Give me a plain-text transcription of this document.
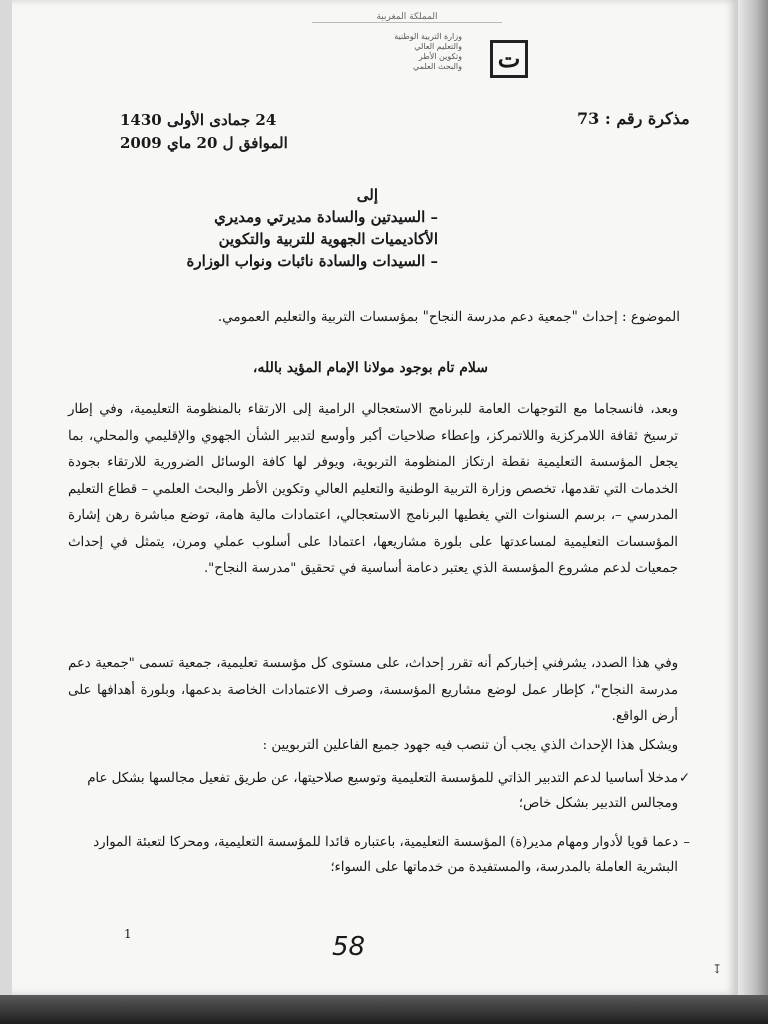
المملكة المغربية
وزارة التربية الوطنية
والتعليم العالي
وتكوين الأطر
والبحث العلمي	ت
مذكرة رقم : 73
24 جمادى الأولى 1430
الموافق ل 20 ماي 2009
إلى
– السيدتين والسادة مديرتي ومديري
الأكاديميات الجهوية للتربية والتكوين
– السيدات والسادة نائبات ونواب الوزارة
الموضوع : إحداث "جمعية دعم مدرسة النجاح" بمؤسسات التربية والتعليم العمومي.
سلام تام بوجود مولانا الإمام المؤيد بالله،
وبعد، فانسجاما مع التوجهات العامة للبرنامج الاستعجالي الرامية إلى الارتقاء بالمنظومة التعليمية، وفي إطار ترسيخ ثقافة اللامركزية واللاتمركز، وإعطاء صلاحيات أكبر وأوسع لتدبير الشأن الجهوي والإقليمي والمحلي، بما يجعل المؤسسة التعليمية نقطة ارتكاز المنظومة التربوية، ويوفر لها كافة الوسائل الضرورية للارتقاء بجودة الخدمات التي تقدمها، تخصص وزارة التربية الوطنية والتعليم العالي وتكوين الأطر والبحث العلمي – قطاع التعليم المدرسي –، برسم السنوات التي يغطيها البرنامج الاستعجالي، اعتمادات مالية هامة، توضع مباشرة رهن إشارة المؤسسات التعليمية لمساعدتها على بلورة مشاريعها، اعتمادا على أسلوب عملي ومرن، يتمثل في إحداث جمعيات لدعم مشروع المؤسسة الذي يعتبر دعامة أساسية في تحقيق "مدرسة النجاح".
وفي هذا الصدد، يشرفني إخباركم أنه تقرر إحداث، على مستوى كل مؤسسة تعليمية، جمعية تسمى "جمعية دعم مدرسة النجاح"، كإطار عمل لوضع مشاريع المؤسسة، وصرف الاعتمادات الخاصة بدعمها، وبلورة أهدافها على أرض الواقع.
ويشكل هذا الإحداث الذي يجب أن تنصب فيه جهود جميع الفاعلين التربويين :
✓
مدخلا أساسيا لدعم التدبير الذاتي للمؤسسة التعليمية وتوسيع صلاحيتها، عن طريق تفعيل مجالسها بشكل عام ومجالس التدبير بشكل خاص؛
–
دعما قويا لأدوار ومهام مدير(ة) المؤسسة التعليمية، باعتباره قائدا للمؤسسة التعليمية، ومحركا لتعبئة الموارد البشرية العاملة بالمدرسة، والمستفيدة من خدماتها على السواء؛
1	58
↧
